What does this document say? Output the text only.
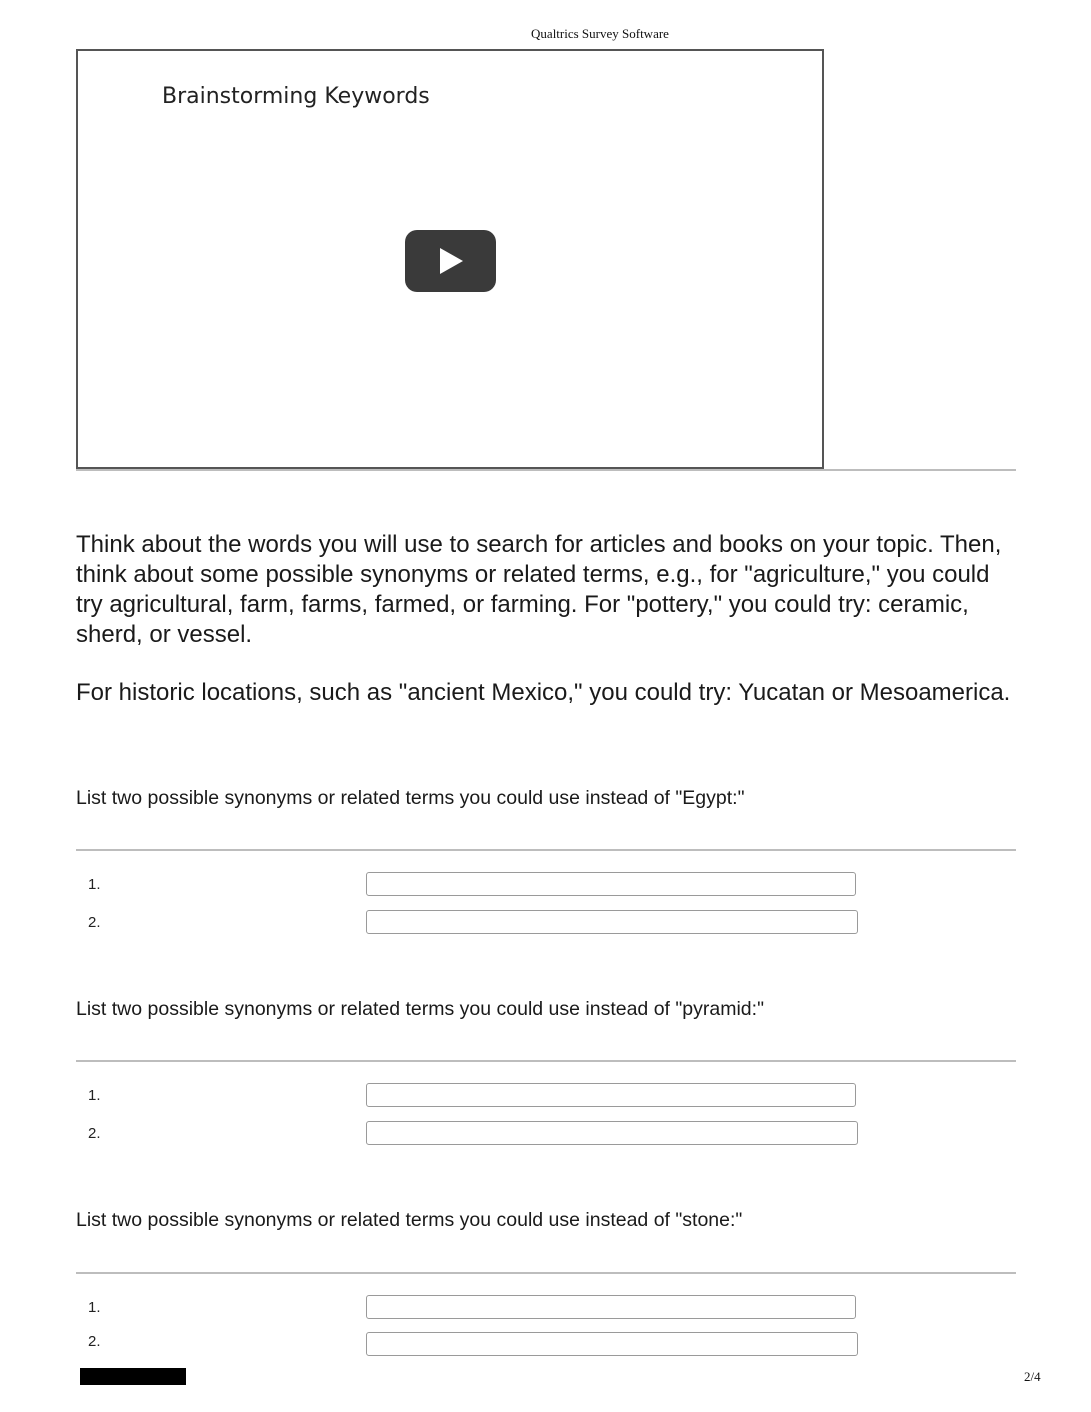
Qualtrics Survey Software
Brainstorming Keywords

Think about the words you will use to search for articles and books on your topic. Then, think about some possible synonyms or related terms, e.g., for "agriculture," you could try agricultural, farm, farms, farmed, or farming. For "pottery," you could try: ceramic, sherd, or vessel.

For historic locations, such as "ancient Mexico," you could try: Yucatan or Mesoamerica.

List two possible synonyms or related terms you could use instead of "Egypt:"

1.
2.

List two possible synonyms or related terms you could use instead of "pyramid:"

1.
2.

List two possible synonyms or related terms you could use instead of "stone:"

1.
2.
2/4
